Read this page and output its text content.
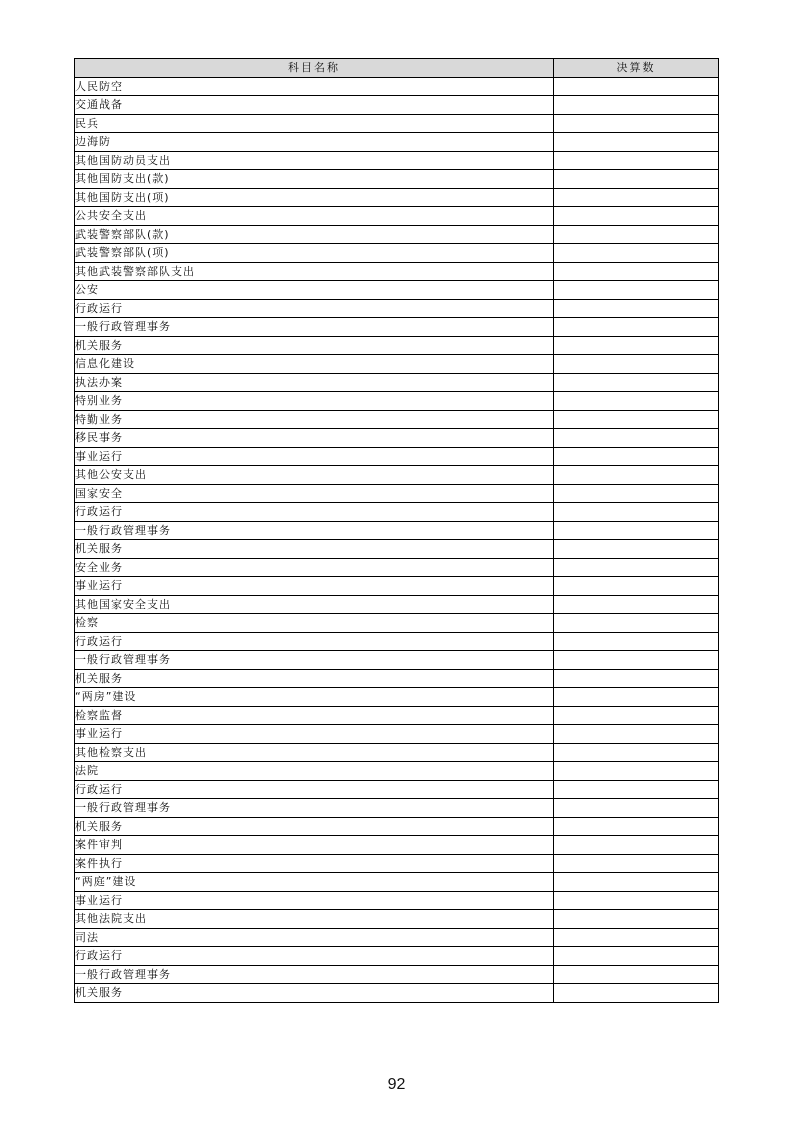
科目名称	决算数
人民防空	
交通战备	
民兵	
边海防	
其他国防动员支出	
其他国防支出(款)	
其他国防支出(项)	
公共安全支出	
武装警察部队(款)	
武装警察部队(项)	
其他武装警察部队支出	
公安	
行政运行	
一般行政管理事务	
机关服务	
信息化建设	
执法办案	
特别业务	
特勤业务	
移民事务	
事业运行	
其他公安支出	
国家安全	
行政运行	
一般行政管理事务	
机关服务	
安全业务	
事业运行	
其他国家安全支出	
检察	
行政运行	
一般行政管理事务	
机关服务	
“两房”建设	
检察监督	
事业运行	
其他检察支出	
法院	
行政运行	
一般行政管理事务	
机关服务	
案件审判	
案件执行	
“两庭”建设	
事业运行	
其他法院支出	
司法	
行政运行	
一般行政管理事务	
机关服务	
92
